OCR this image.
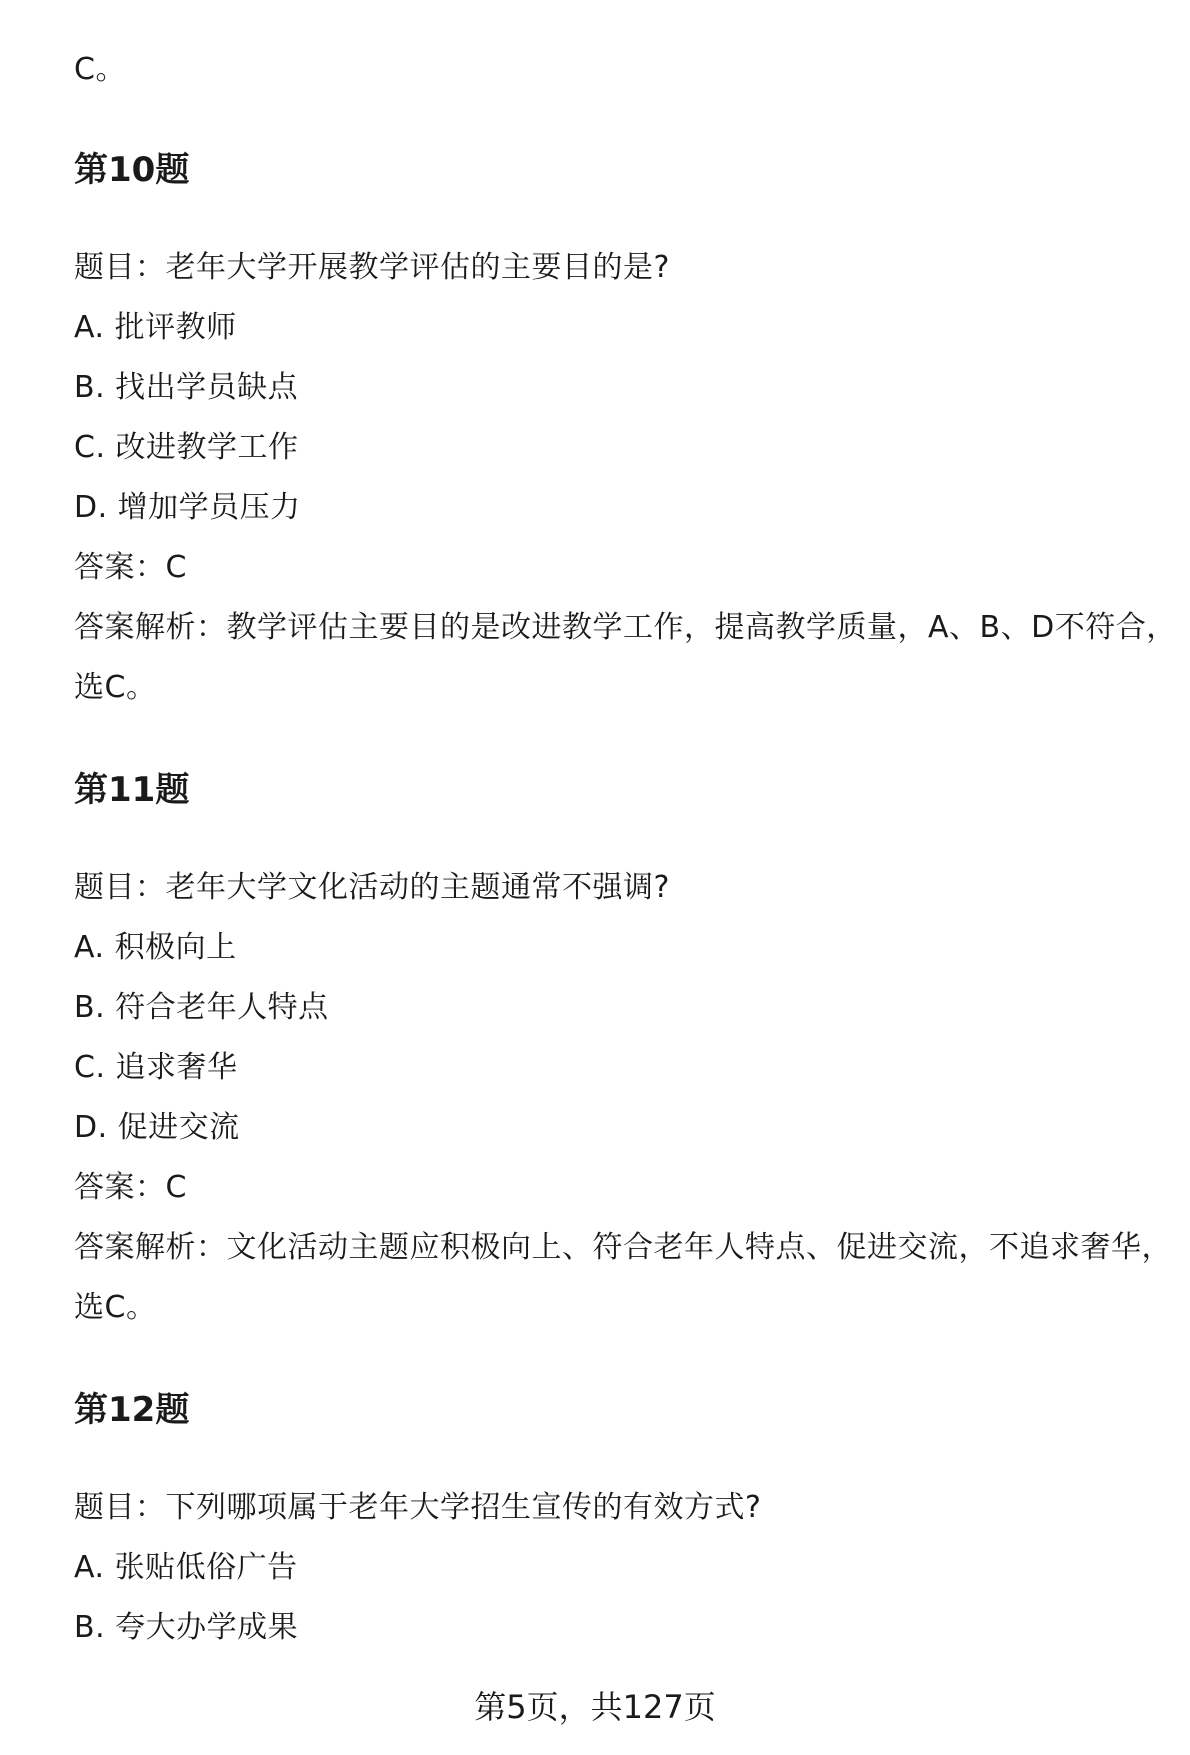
C。
第10题
题目：老年大学开展教学评估的主要目的是?
A. 批评教师
B. 找出学员缺点
C. 改进教学工作
D. 增加学员压力
答案：C
答案解析：教学评估主要目的是改进教学工作，提高教学质量，A、B、D不符合，
选C。
第11题
题目：老年大学文化活动的主题通常不强调?
A. 积极向上
B. 符合老年人特点
C. 追求奢华
D. 促进交流
答案：C
答案解析：文化活动主题应积极向上、符合老年人特点、促进交流，不追求奢华，
选C。
第12题
题目：下列哪项属于老年大学招生宣传的有效方式?
A. 张贴低俗广告
B. 夸大办学成果
第5页，共127页
